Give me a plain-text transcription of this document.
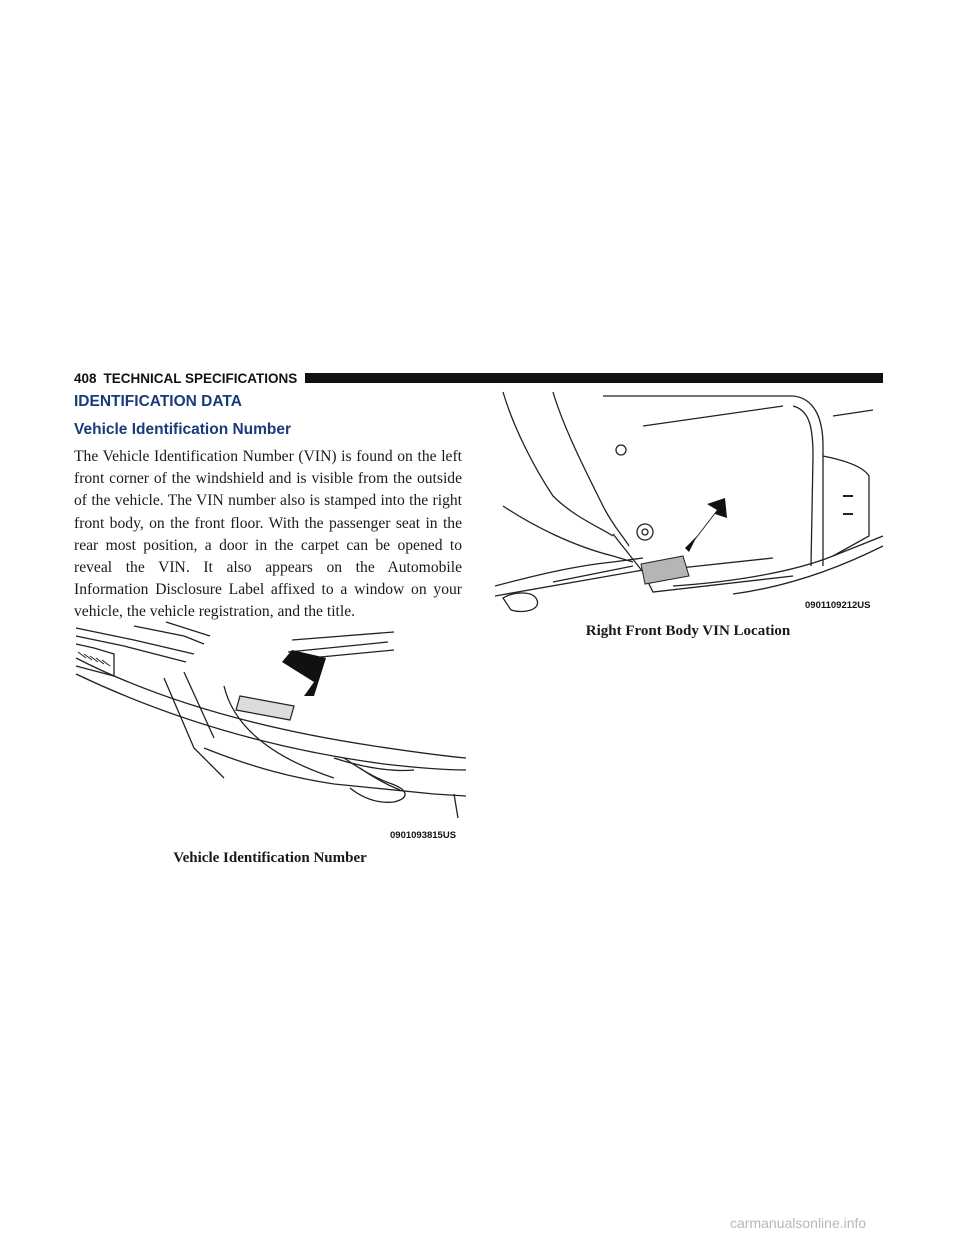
408 TECHNICAL SPECIFICATIONS
IDENTIFICATION DATA
Vehicle Identification Number

The Vehicle Identification Number (VIN) is found on the left front corner of the windshield and is visible from the outside of the vehicle. The VIN number also is stamped into the right front body, on the front floor. With the passenger seat in the rear most position, a door in the carpet can be opened to reveal the VIN. It also appears on the Automobile Information Disclosure Label affixed to a window on your vehicle, the vehicle registration, and the title.

0901093815US
Vehicle Identification Number
0901109212US
Right Front Body VIN Location
carmanualsonline.info
